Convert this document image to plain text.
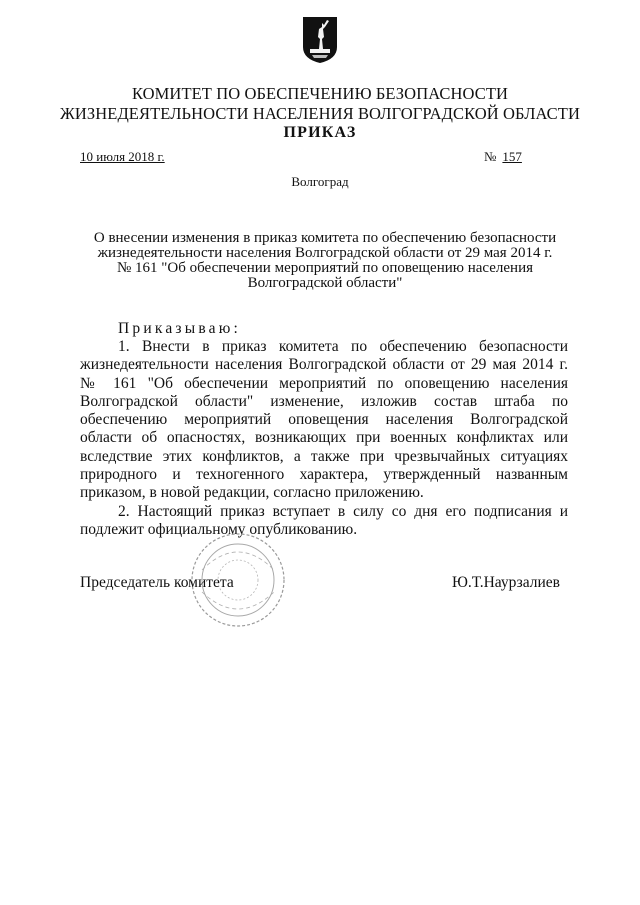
КОМИТЕТ ПО ОБЕСПЕЧЕНИЮ БЕЗОПАСНОСТИ
ЖИЗНЕДЕЯТЕЛЬНОСТИ НАСЕЛЕНИЯ ВОЛГОГРАДСКОЙ ОБЛАСТИ
ПРИКАЗ
10 июля 2018 г.	№ 157
Волгоград
О внесении изменения в приказ комитета по обеспечению безопасности
жизнедеятельности населения Волгоградской области от 29 мая 2014 г.
№ 161 "Об обеспечении мероприятий по оповещению населения
Волгоградской области"
Приказываю:

1. Внести в приказ комитета по обеспечению безопасности жизнедеятельности населения Волгоградской области от 29 мая 2014 г. № 161 "Об обеспечении мероприятий по оповещению населения Волгоградской области" изменение, изложив состав штаба по обеспечению мероприятий оповещения населения Волгоградской области об опасностях, возникающих при военных конфликтах или вследствие этих конфликтов, а также при чрезвычайных ситуациях природного и техногенного характера, утвержденный названным приказом, в новой редакции, согласно приложению.

2. Настоящий приказ вступает в силу со дня его подписания и подлежит официальному опубликованию.

Председатель комитета	Ю.Т.Наурзалиев
